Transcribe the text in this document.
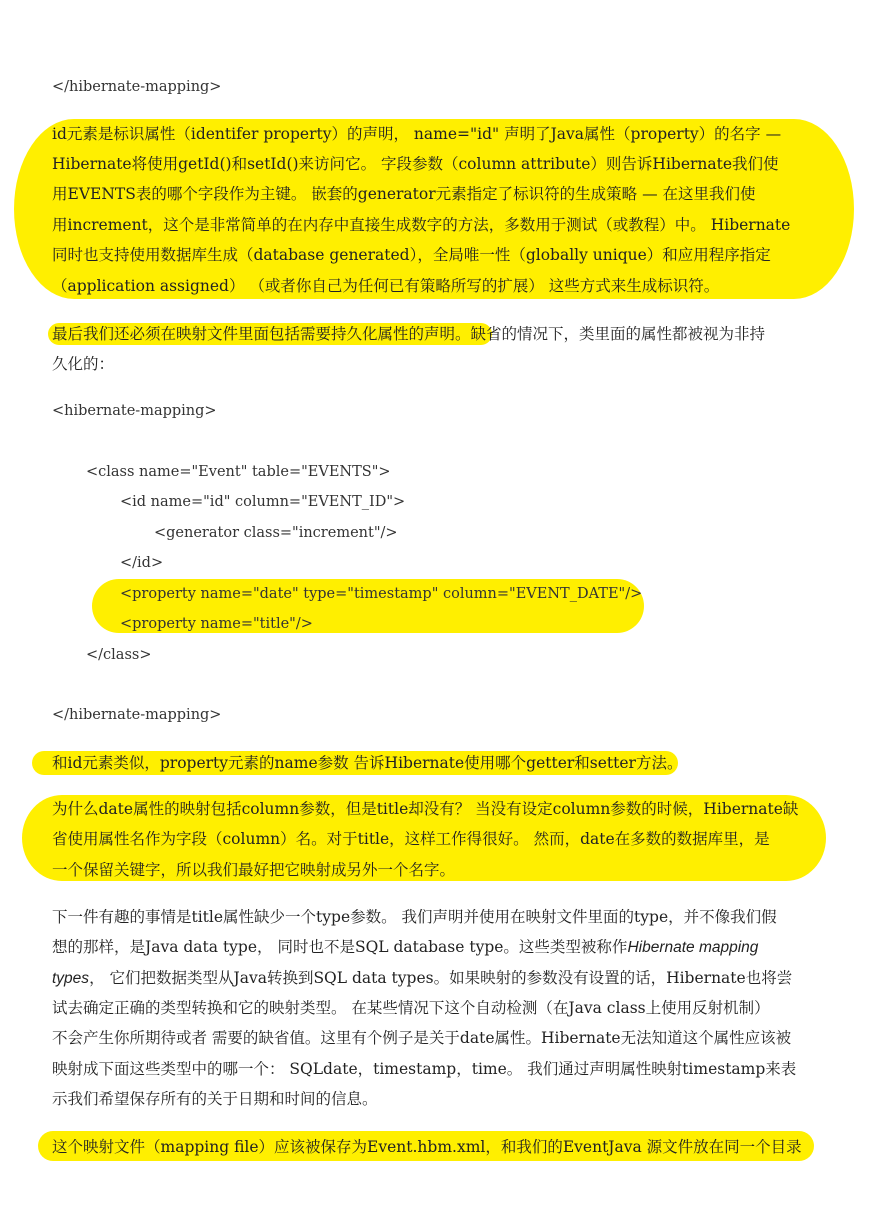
</hibernate-mapping>
id元素是标识属性（identifer property）的声明， name="id" 声明了Java属性（property）的名字 —
Hibernate将使用getId()和setId()来访问它。 字段参数（column attribute）则告诉Hibernate我们使
用EVENTS表的哪个字段作为主键。 嵌套的generator元素指定了标识符的生成策略 — 在这里我们使
用increment，这个是非常简单的在内存中直接生成数字的方法，多数用于测试（或教程）中。 Hibernate
同时也支持使用数据库生成（database generated），全局唯一性（globally unique）和应用程序指定
（application assigned） （或者你自己为任何已有策略所写的扩展） 这些方式来生成标识符。
最后我们还必须在映射文件里面包括需要持久化属性的声明。缺省的情况下，类里面的属性都被视为非持
久化的：
<hibernate-mapping>
<class name="Event" table="EVENTS">
<id name="id" column="EVENT_ID">
<generator class="increment"/>
</id>
<property name="date" type="timestamp" column="EVENT_DATE"/>
<property name="title"/>
</class>
</hibernate-mapping>
和id元素类似，property元素的name参数 告诉Hibernate使用哪个getter和setter方法。
为什么date属性的映射包括column参数，但是title却没有？ 当没有设定column参数的时候，Hibernate缺
省使用属性名作为字段（column）名。对于title，这样工作得很好。 然而，date在多数的数据库里，是
一个保留关键字，所以我们最好把它映射成另外一个名字。
下一件有趣的事情是title属性缺少一个type参数。 我们声明并使用在映射文件里面的type，并不像我们假
想的那样，是Java data type， 同时也不是SQL database type。这些类型被称作Hibernate mapping
types， 它们把数据类型从Java转换到SQL data types。如果映射的参数没有设置的话，Hibernate也将尝
试去确定正确的类型转换和它的映射类型。 在某些情况下这个自动检测（在Java class上使用反射机制）
不会产生你所期待或者 需要的缺省值。这里有个例子是关于date属性。Hibernate无法知道这个属性应该被
映射成下面这些类型中的哪一个： SQLdate，timestamp，time。 我们通过声明属性映射timestamp来表
示我们希望保存所有的关于日期和时间的信息。
这个映射文件（mapping file）应该被保存为Event.hbm.xml，和我们的EventJava 源文件放在同一个目录
